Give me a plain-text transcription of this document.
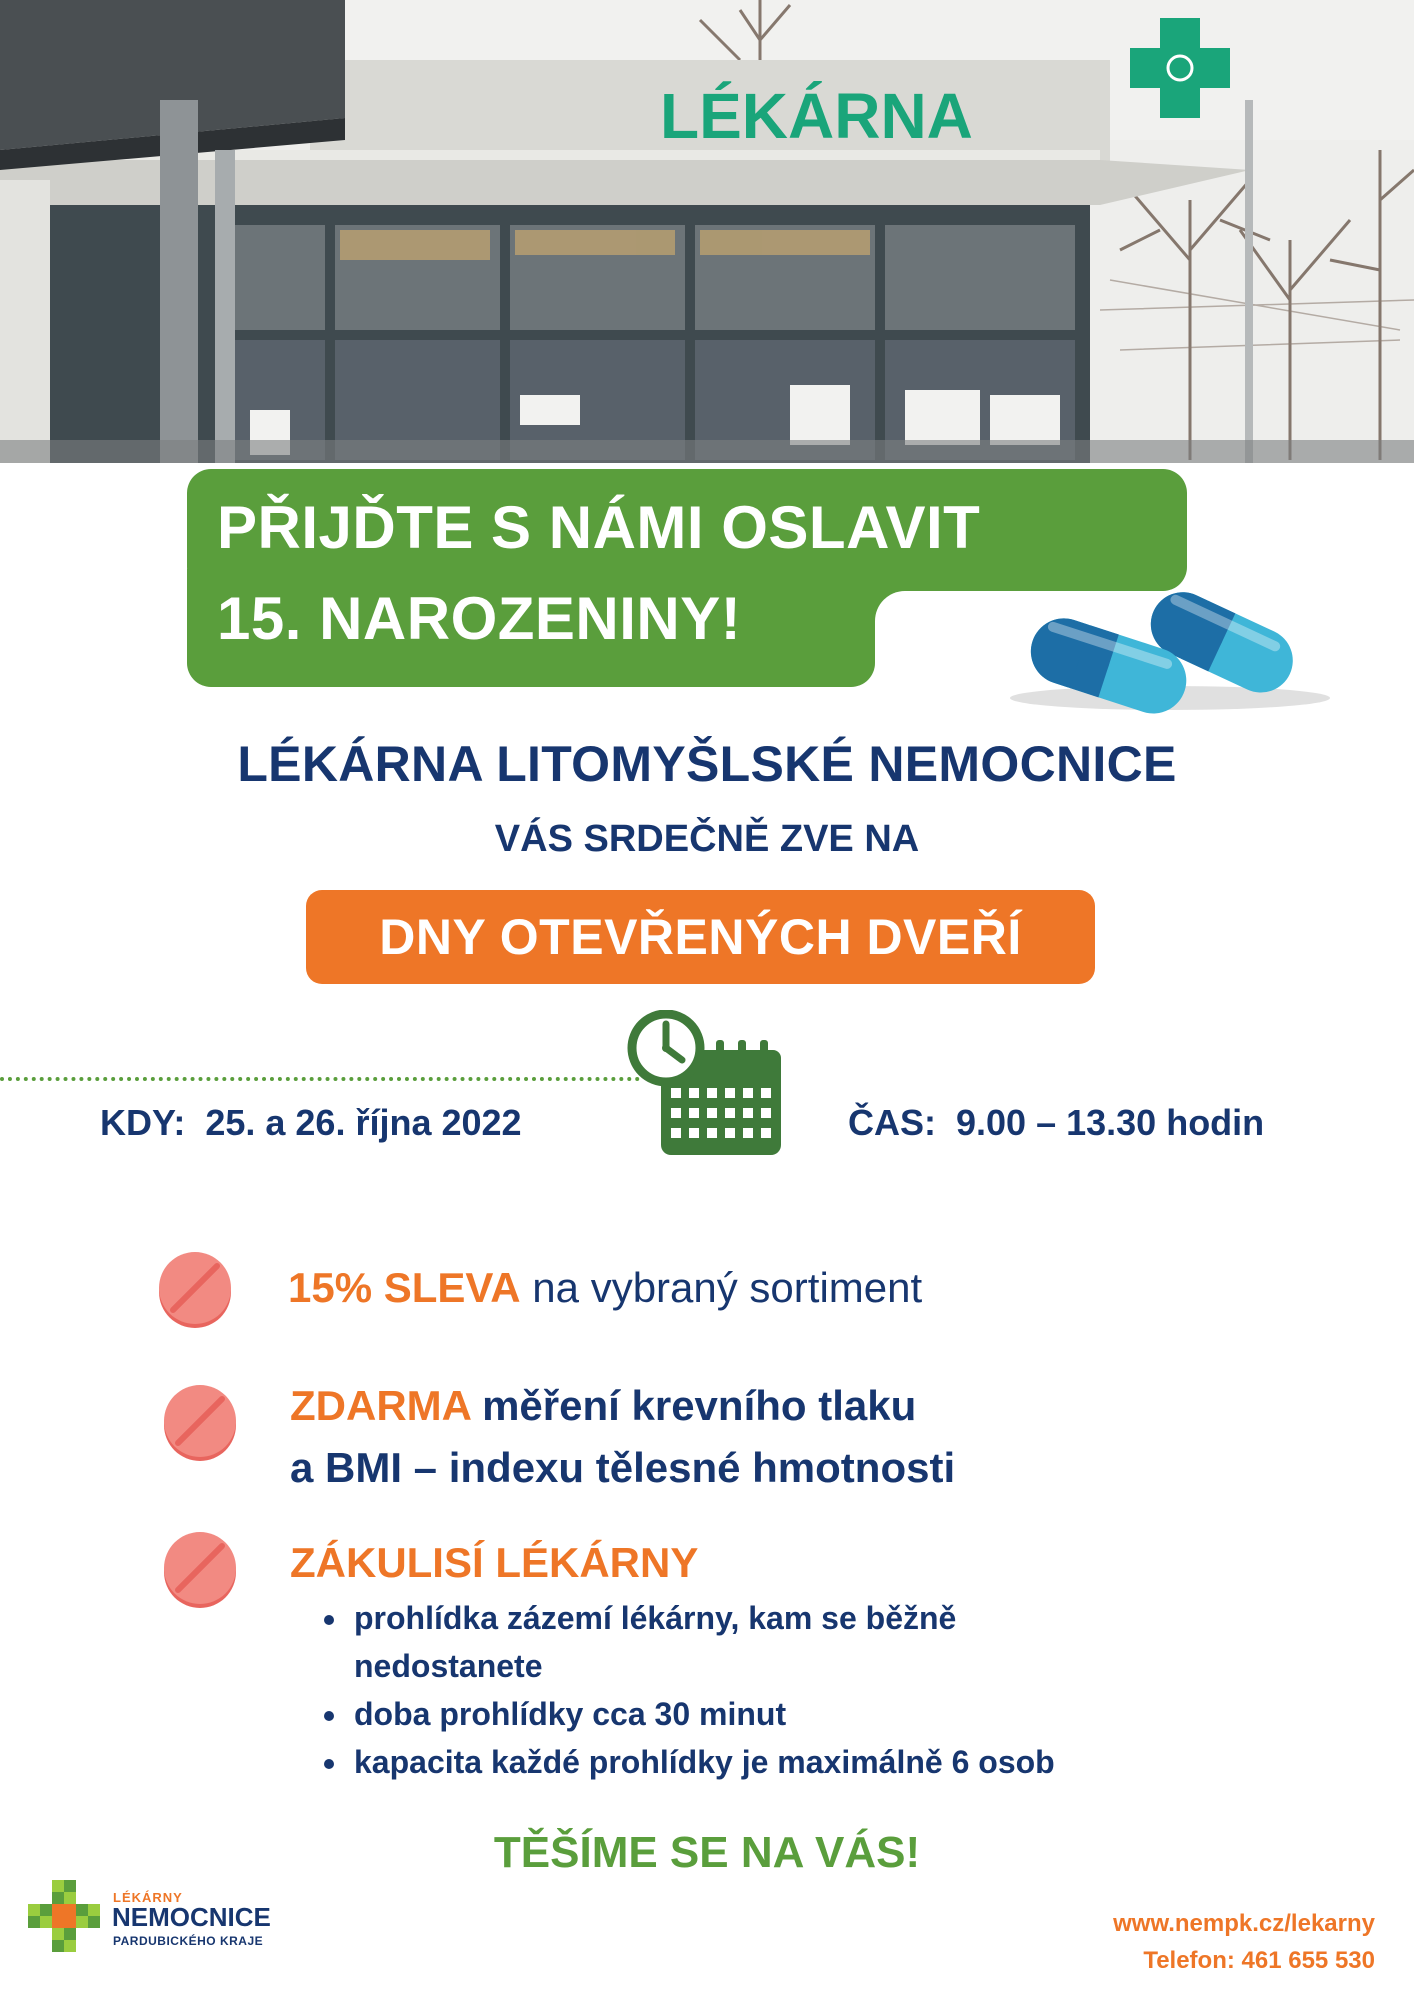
LÉKÁRNA
PŘIJĎTE S NÁMI OSLAVIT
15. NAROZENINY!
LÉKÁRNA LITOMYŠLSKÉ NEMOCNICE
VÁS SRDEČNĚ ZVE NA
DNY OTEVŘENÝCH DVEŘÍ
KDY: 25. a 26. října 2022	ČAS: 9.00 – 13.30 hodin
15% SLEVA na vybraný sortiment
ZDARMA měření krevního tlaku
a BMI – indexu tělesné hmotnosti
ZÁKULISÍ LÉKÁRNY
• prohlídka zázemí lékárny, kam se běžně nedostanete
• doba prohlídky cca 30 minut
• kapacita každé prohlídky je maximálně 6 osob
TĚŠÍME SE NA VÁS!
LÉKÁRNY
NEMOCNICE
PARDUBICKÉHO KRAJE
www.nempk.cz/lekarny
Telefon: 461 655 530
